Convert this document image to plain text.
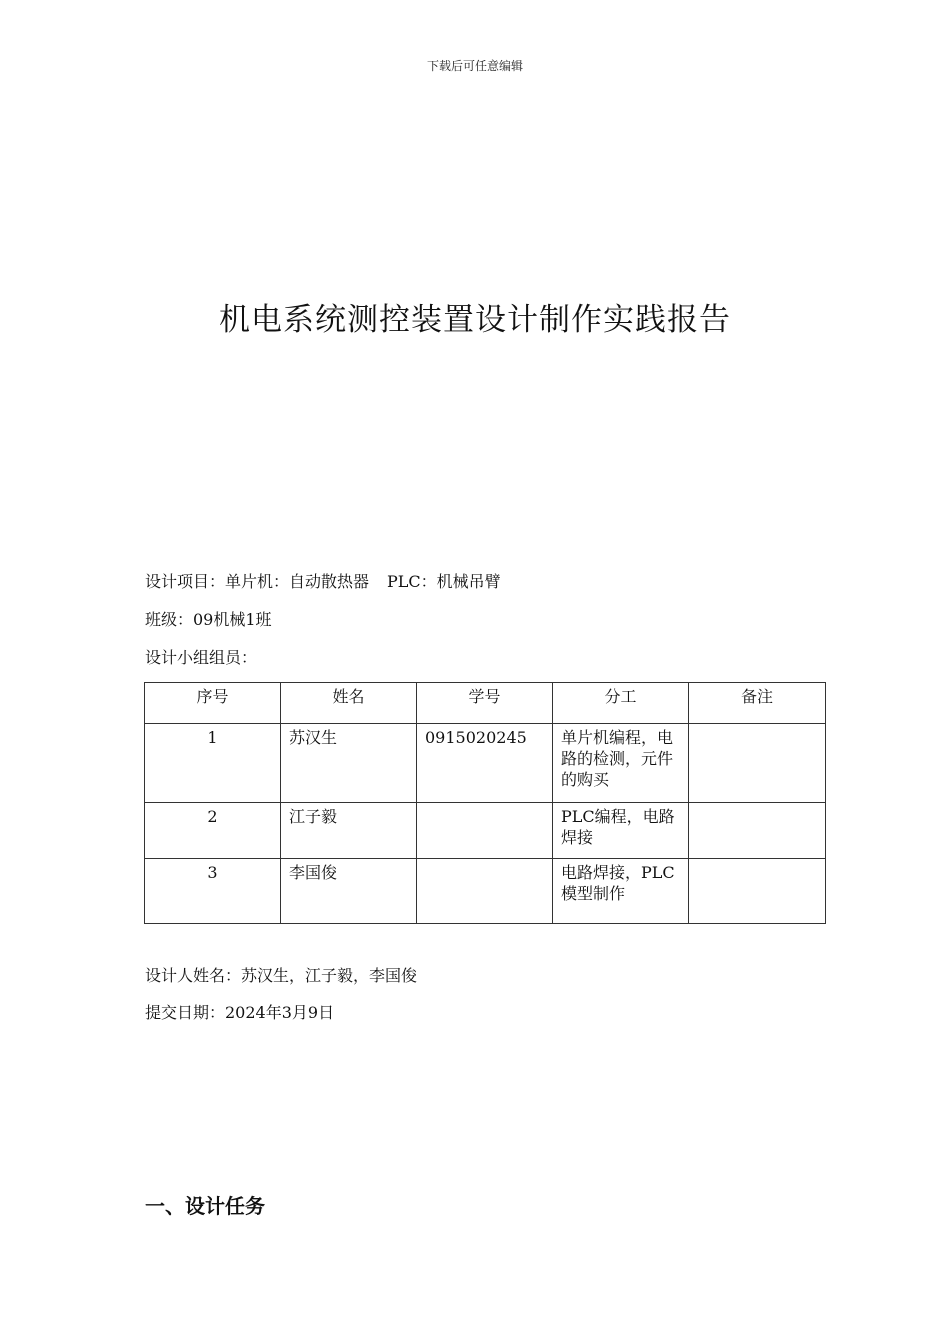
下载后可任意编辑
机电系统测控装置设计制作实践报告
设计项目：单片机：自动散热器 PLC：机械吊臂
班级：09机械1班
设计小组组员：
序号	姓名	学号	分工	备注
1	苏汉生	0915020245	单片机编程，电路的检测，元件的购买	
2	江子毅		PLC编程，电路焊接	
3	李国俊		电路焊接，PLC模型制作	
设计人姓名：苏汉生，江子毅，李国俊
提交日期：2024年3月9日
一、设计任务
